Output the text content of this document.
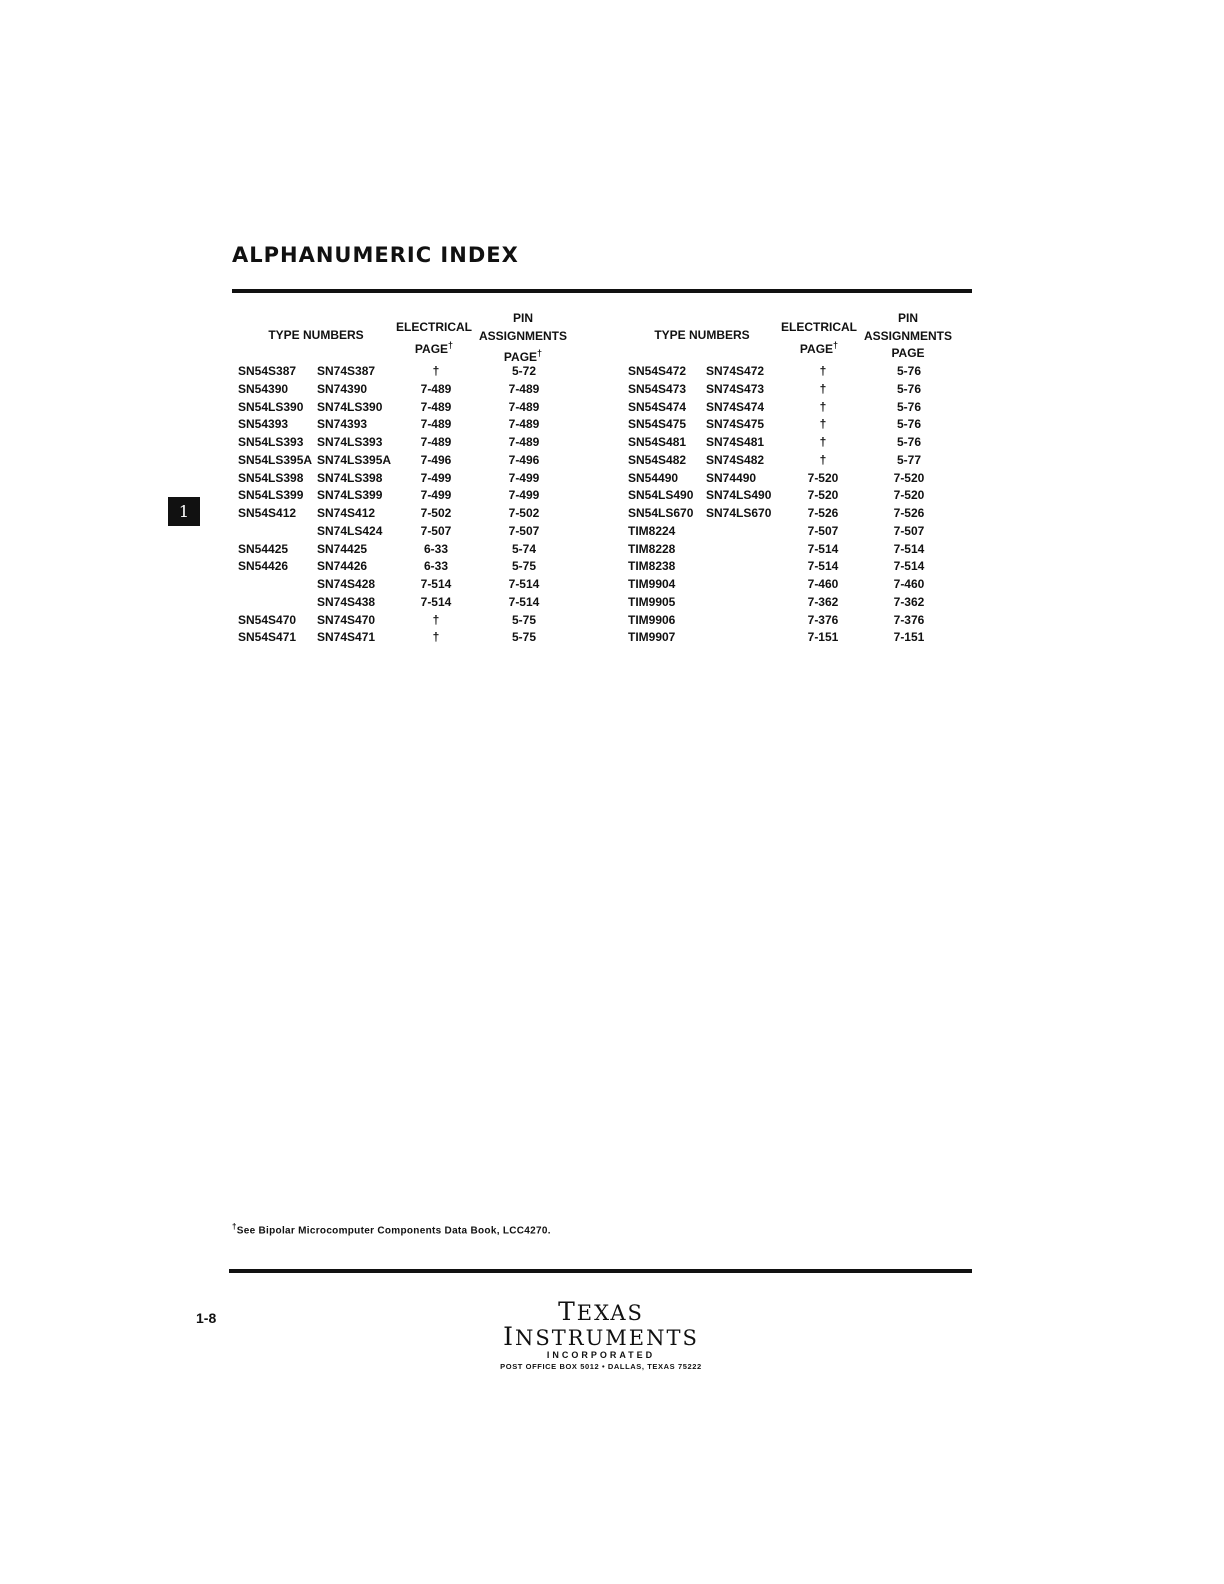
ALPHANUMERIC INDEX
1
TYPE NUMBERS
ELECTRICAL
PAGE†
PIN
ASSIGNMENTS
PAGE†
SN54S387 SN74S387	†	5-72
SN54390 SN74390	7-489	7-489
SN54LS390 SN74LS390	7-489	7-489
SN54393 SN74393	7-489	7-489
SN54LS393 SN74LS393	7-489	7-489
SN54LS395A SN74LS395A	7-496	7-496
SN54LS398 SN74LS398	7-499	7-499
SN54LS399 SN74LS399	7-499	7-499
SN54S412 SN74S412	7-502	7-502
SN74LS424	7-507	7-507
SN54425 SN74425	6-33	5-74
SN54426 SN74426	6-33	5-75
SN74S428	7-514	7-514
SN74S438	7-514	7-514
SN54S470 SN74S470	†	5-75
SN54S471 SN74S471	†	5-75
TYPE NUMBERS
ELECTRICAL
PAGE†
PIN
ASSIGNMENTS
PAGE
SN54S472 SN74S472	†	5-76
SN54S473 SN74S473	†	5-76
SN54S474 SN74S474	†	5-76
SN54S475 SN74S475	†	5-76
SN54S481 SN74S481	†	5-76
SN54S482 SN74S482	†	5-77
SN54490 SN74490	7-520	7-520
SN54LS490 SN74LS490	7-520	7-520
SN54LS670 SN74LS670	7-526	7-526
TIM8224	7-507	7-507
TIM8228	7-514	7-514
TIM8238	7-514	7-514
TIM9904	7-460	7-460
TIM9905	7-362	7-362
TIM9906	7-376	7-376
TIM9907	7-151	7-151
†See Bipolar Microcomputer Components Data Book, LCC4270.
1-8	TEXAS INSTRUMENTS
INCORPORATED
POST OFFICE BOX 5012 • DALLAS, TEXAS 75222
